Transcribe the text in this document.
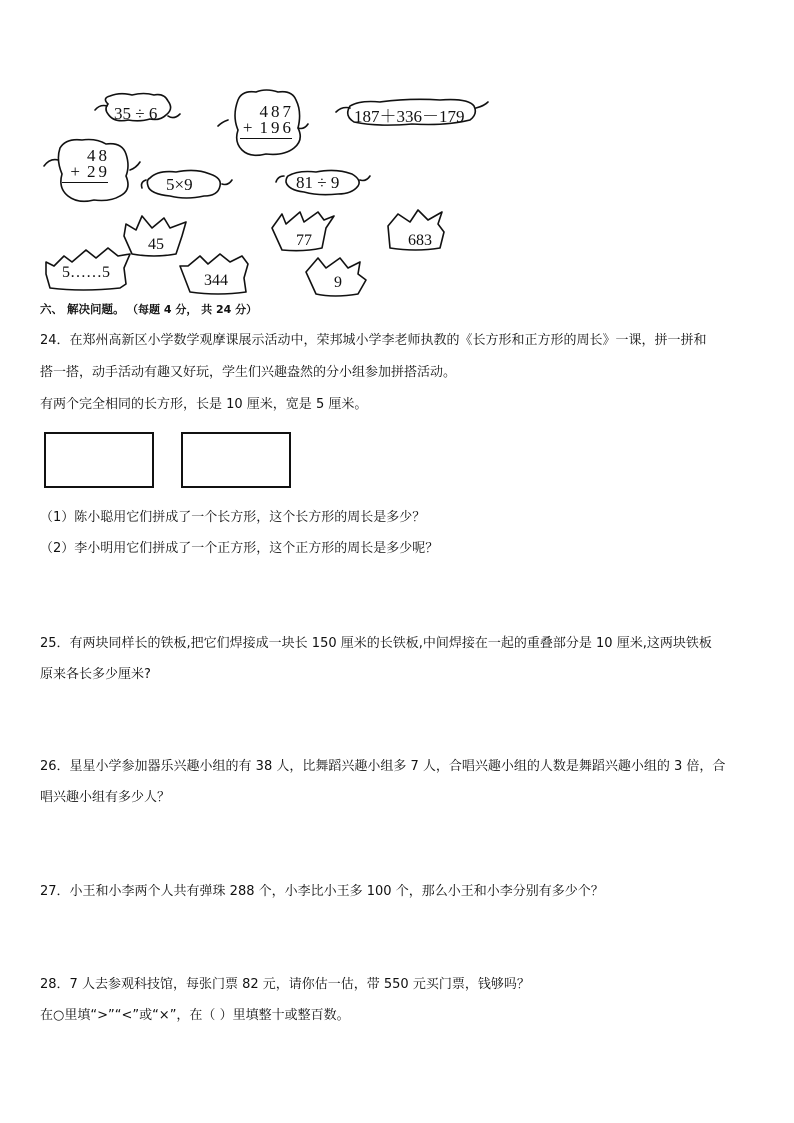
35 ÷ 6	487
+ 196
187＋336－179
48
+ 29
5×9	81 ÷ 9
45	77	683
5……5	344	9
六、 解决问题。 （每题 4 分， 共 24 分）
24．在郑州高新区小学数学观摩课展示活动中，荣邦城小学李老师执教的《长方形和正方形的周长》一课，拼一拼和
搭一搭，动手活动有趣又好玩，学生们兴趣盎然的分小组参加拼搭活动。
有两个完全相同的长方形，长是 10 厘米，宽是 5 厘米。
（1）陈小聪用它们拼成了一个长方形，这个长方形的周长是多少？
（2）李小明用它们拼成了一个正方形，这个正方形的周长是多少呢？
25．有两块同样长的铁板,把它们焊接成一块长 150 厘米的长铁板,中间焊接在一起的重叠部分是 10 厘米,这两块铁板
原来各长多少厘米?
26．星星小学参加器乐兴趣小组的有 38 人，比舞蹈兴趣小组多 7 人，合唱兴趣小组的人数是舞蹈兴趣小组的 3 倍，合
唱兴趣小组有多少人？
27．小王和小李两个人共有弹珠 288 个，小李比小王多 100 个，那么小王和小李分别有多少个？
28．7 人去参观科技馆，每张门票 82 元，请你估一估，带 550 元买门票，钱够吗？
在○里填“>”“<”或“×”，在（ ）里填整十或整百数。
